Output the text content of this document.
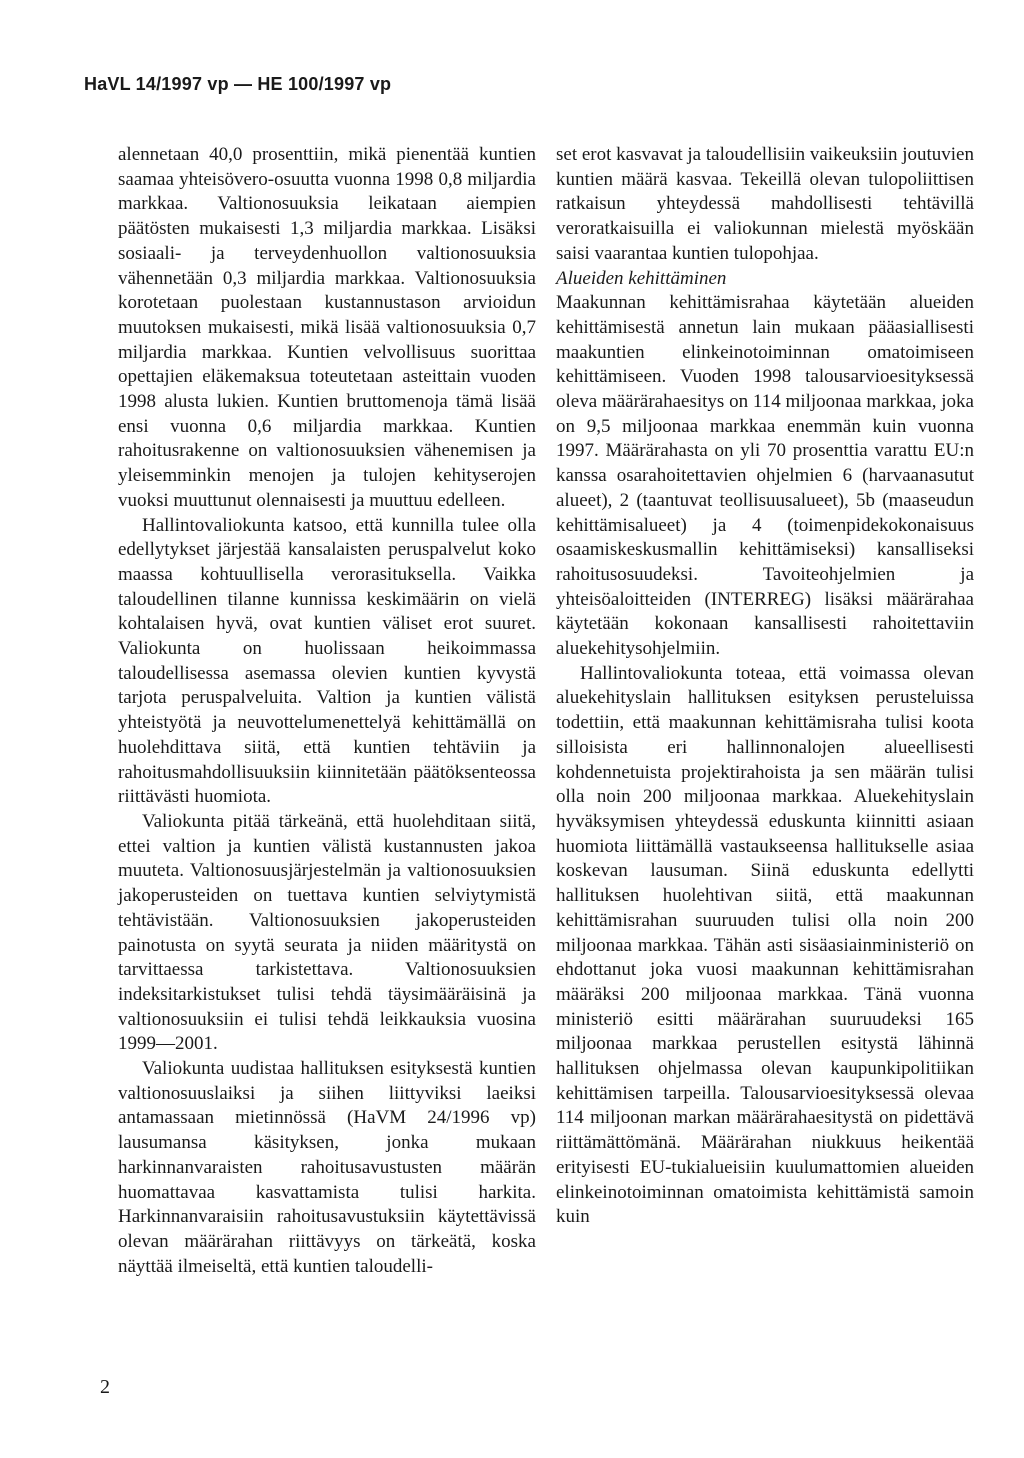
HaVL 14/1997 vp — HE 100/1997 vp

alennetaan 40,0 prosenttiin, mikä pienentää kuntien saamaa yhteisövero-osuutta vuonna 1998 0,8 miljardia markkaa. Valtionosuuksia leikataan aiempien päätösten mukaisesti 1,3 miljardia markkaa. Lisäksi sosiaali- ja terveydenhuollon valtionosuuksia vähennetään 0,3 miljardia markkaa. Valtionosuuksia korotetaan puolestaan kustannustason arvioidun muutoksen mukaisesti, mikä lisää valtionosuuksia 0,7 miljardia markkaa. Kuntien velvollisuus suorittaa opettajien eläkemaksua toteutetaan asteittain vuoden 1998 alusta lukien. Kuntien bruttomenoja tämä lisää ensi vuonna 0,6 miljardia markkaa. Kuntien rahoitusrakenne on valtionosuuksien vähenemisen ja yleisemminkin menojen ja tulojen kehityserojen vuoksi muuttunut olennaisesti ja muuttuu edelleen.

Hallintovaliokunta katsoo, että kunnilla tulee olla edellytykset järjestää kansalaisten peruspalvelut koko maassa kohtuullisella verorasituksella. Vaikka taloudellinen tilanne kunnissa keskimäärin on vielä kohtalaisen hyvä, ovat kuntien väliset erot suuret. Valiokunta on huolissaan heikoimmassa taloudellisessa asemassa olevien kuntien kyvystä tarjota peruspalveluita. Valtion ja kuntien välistä yhteistyötä ja neuvottelumenettelyä kehittämällä on huolehdittava siitä, että kuntien tehtäviin ja rahoitusmahdollisuuksiin kiinnitetään päätöksenteossa riittävästi huomiota.

Valiokunta pitää tärkeänä, että huolehditaan siitä, ettei valtion ja kuntien välistä kustannusten jakoa muuteta. Valtionosuusjärjestelmän ja valtionosuuksien jakoperusteiden on tuettava kuntien selviytymistä tehtävistään. Valtionosuuksien jakoperusteiden painotusta on syytä seurata ja niiden määritystä on tarvittaessa tarkistettava. Valtionosuuksien indeksitarkistukset tulisi tehdä täysimääräisinä ja valtionosuuksiin ei tulisi tehdä leikkauksia vuosina 1999—2001.

Valiokunta uudistaa hallituksen esityksestä kuntien valtionosuuslaiksi ja siihen liittyviksi laeiksi antamassaan mietinnössä (HaVM 24/1996 vp) lausumansa käsityksen, jonka mukaan harkinnanvaraisten rahoitusavustusten määrän huomattavaa kasvattamista tulisi harkita. Harkinnanvaraisiin rahoitusavustuksiin käytettävissä olevan määrärahan riittävyys on tärkeätä, koska näyttää ilmeiseltä, että kuntien taloudelli-

set erot kasvavat ja taloudellisiin vaikeuksiin joutuvien kuntien määrä kasvaa. Tekeillä olevan tulopoliittisen ratkaisun yhteydessä mahdollisesti tehtävillä veroratkaisuilla ei valiokunnan mielestä myöskään saisi vaarantaa kuntien tulopohjaa.

Alueiden kehittäminen

Maakunnan kehittämisrahaa käytetään alueiden kehittämisestä annetun lain mukaan pääasiallisesti maakuntien elinkeinotoiminnan omatoimiseen kehittämiseen. Vuoden 1998 talousarvioesityksessä oleva määrärahaesitys on 114 miljoonaa markkaa, joka on 9,5 miljoonaa markkaa enemmän kuin vuonna 1997. Määrärahasta on yli 70 prosenttia varattu EU:n kanssa osarahoitettavien ohjelmien 6 (harvaanasutut alueet), 2 (taantuvat teollisuusalueet), 5b (maaseudun kehittämisalueet) ja 4 (toimenpidekokonaisuus osaamiskeskusmallin kehittämiseksi) kansalliseksi rahoitusosuudeksi. Tavoiteohjelmien ja yhteisöaloitteiden (INTERREG) lisäksi määrärahaa käytetään kokonaan kansallisesti rahoitettaviin aluekehitysohjelmiin.

Hallintovaliokunta toteaa, että voimassa olevan aluekehityslain hallituksen esityksen perusteluissa todettiin, että maakunnan kehittämisraha tulisi koota silloisista eri hallinnonalojen alueellisesti kohdennetuista projektirahoista ja sen määrän tulisi olla noin 200 miljoonaa markkaa. Aluekehityslain hyväksymisen yhteydessä eduskunta kiinnitti asiaan huomiota liittämällä vastaukseensa hallitukselle asiaa koskevan lausuman. Siinä eduskunta edellytti hallituksen huolehtivan siitä, että maakunnan kehittämisrahan suuruuden tulisi olla noin 200 miljoonaa markkaa. Tähän asti sisäasiainministeriö on ehdottanut joka vuosi maakunnan kehittämisrahan määräksi 200 miljoonaa markkaa. Tänä vuonna ministeriö esitti määrärahan suuruudeksi 165 miljoonaa markkaa perustellen esitystä lähinnä hallituksen ohjelmassa olevan kaupunkipolitiikan kehittämisen tarpeilla. Talousarvioesityksessä olevaa 114 miljoonan markan määrärahaesitystä on pidettävä riittämättömänä. Määrärahan niukkuus heikentää erityisesti EU-tukialueisiin kuulumattomien alueiden elinkeinotoiminnan omatoimista kehittämistä samoin kuin

2
